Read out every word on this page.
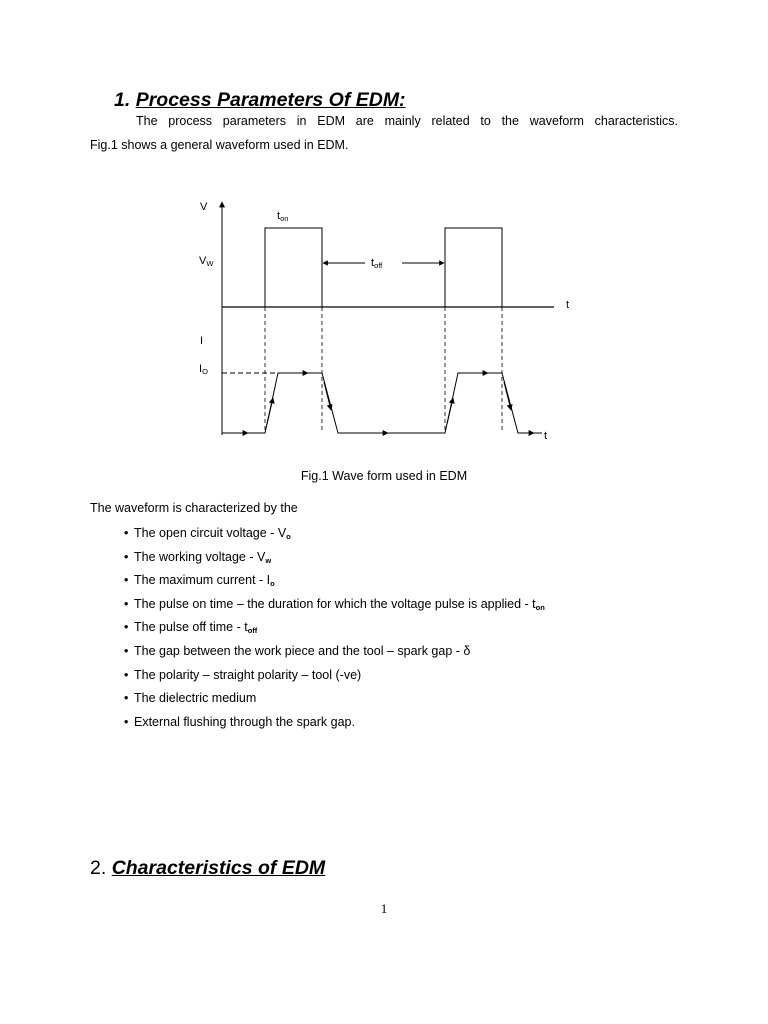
1. Process Parameters Of EDM:
The process parameters in EDM are mainly related to the waveform characteristics.
Fig.1 shows a general waveform used in EDM.
V
VW
ton
toff
t
I
IO
t
Fig.1 Wave form used in EDM
The waveform is characterized by the
• The open circuit voltage - $V_o$
• The working voltage - $V_w$
• The maximum current - $I_o$
• The pulse on time – the duration for which the voltage pulse is applied - $t_{on}$
• The pulse off time - $t_{off}$
• The gap between the work piece and the tool – spark gap - δ
• The polarity – straight polarity – tool (-ve)
• The dielectric medium
• External flushing through the spark gap.
2. Characteristics of EDM
1
